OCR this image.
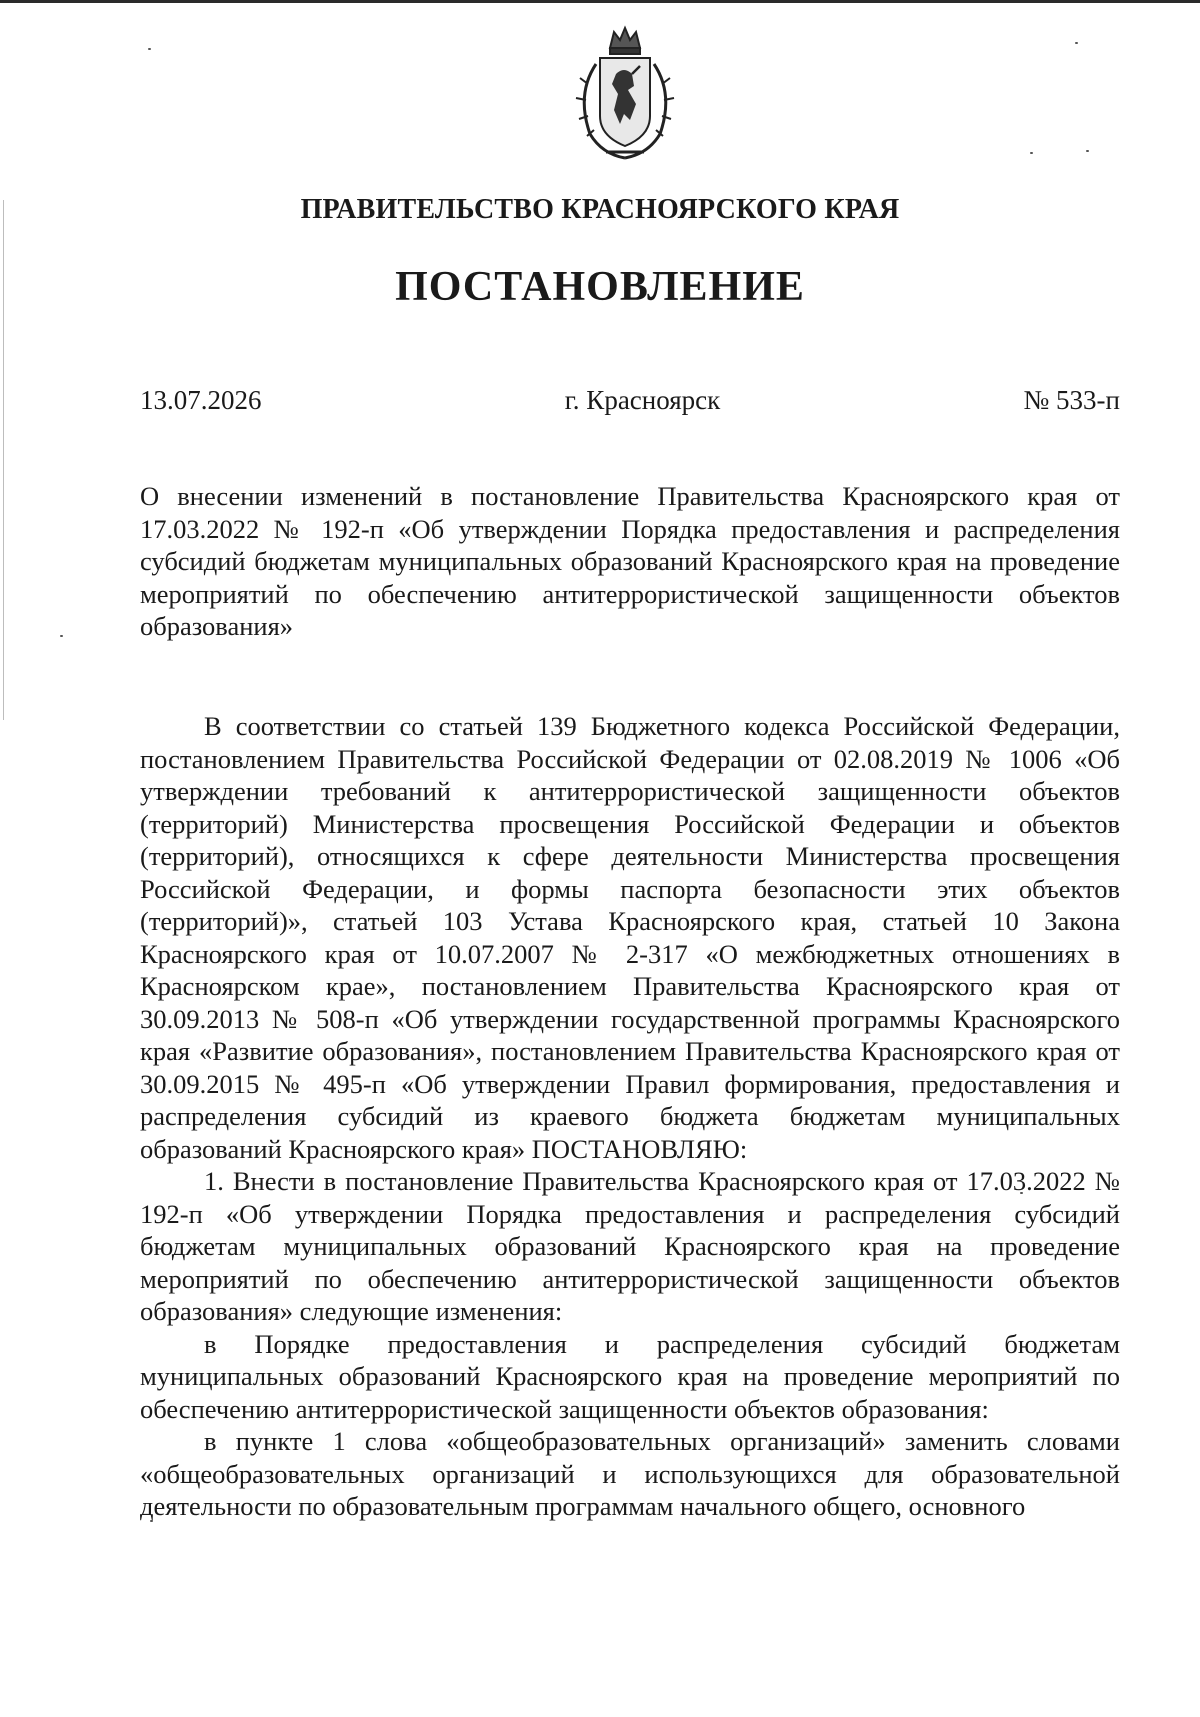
ПРАВИТЕЛЬСТВО КРАСНОЯРСКОГО КРАЯ
ПОСТАНОВЛЕНИЕ
13.07.2026	г. Красноярск	№ 533-п

О внесении изменений в постановление Правительства Красноярского края от 17.03.2022 № 192-п «Об утверждении Порядка предоставления и распределения субсидий бюджетам муниципальных образований Красноярского края на проведение мероприятий по обеспечению антитеррористической защищенности объектов образования»

В соответствии со статьей 139 Бюджетного кодекса Российской Федерации, постановлением Правительства Российской Федерации от 02.08.2019 № 1006 «Об утверждении требований к антитеррористической защищенности объектов (территорий) Министерства просвещения Российской Федерации и объектов (территорий), относящихся к сфере деятельности Министерства просвещения Российской Федерации, и формы паспорта безопасности этих объектов (территорий)», статьей 103 Устава Красноярского края, статьей 10 Закона Красноярского края от 10.07.2007 № 2-317 «О межбюджетных отношениях в Красноярском крае», постановлением Правительства Красноярского края от 30.09.2013 № 508-п «Об утверждении государственной программы Красноярского края «Развитие образования», постановлением Правительства Красноярского края от 30.09.2015 № 495-п «Об утверждении Правил формирования, предоставления и распределения субсидий из краевого бюджета бюджетам муниципальных образований Красноярского края» ПОСТАНОВЛЯЮ:

1. Внести в постановление Правительства Красноярского края от 17.03.2022 № 192-п «Об утверждении Порядка предоставления и распределения субсидий бюджетам муниципальных образований Красноярского края на проведение мероприятий по обеспечению антитеррористической защищенности объектов образования» следующие изменения:

в Порядке предоставления и распределения субсидий бюджетам муниципальных образований Красноярского края на проведение мероприятий по обеспечению антитеррористической защищенности объектов образования:

в пункте 1 слова «общеобразовательных организаций» заменить словами «общеобразовательных организаций и использующихся для образовательной деятельности по образовательным программам начального общего, основного
